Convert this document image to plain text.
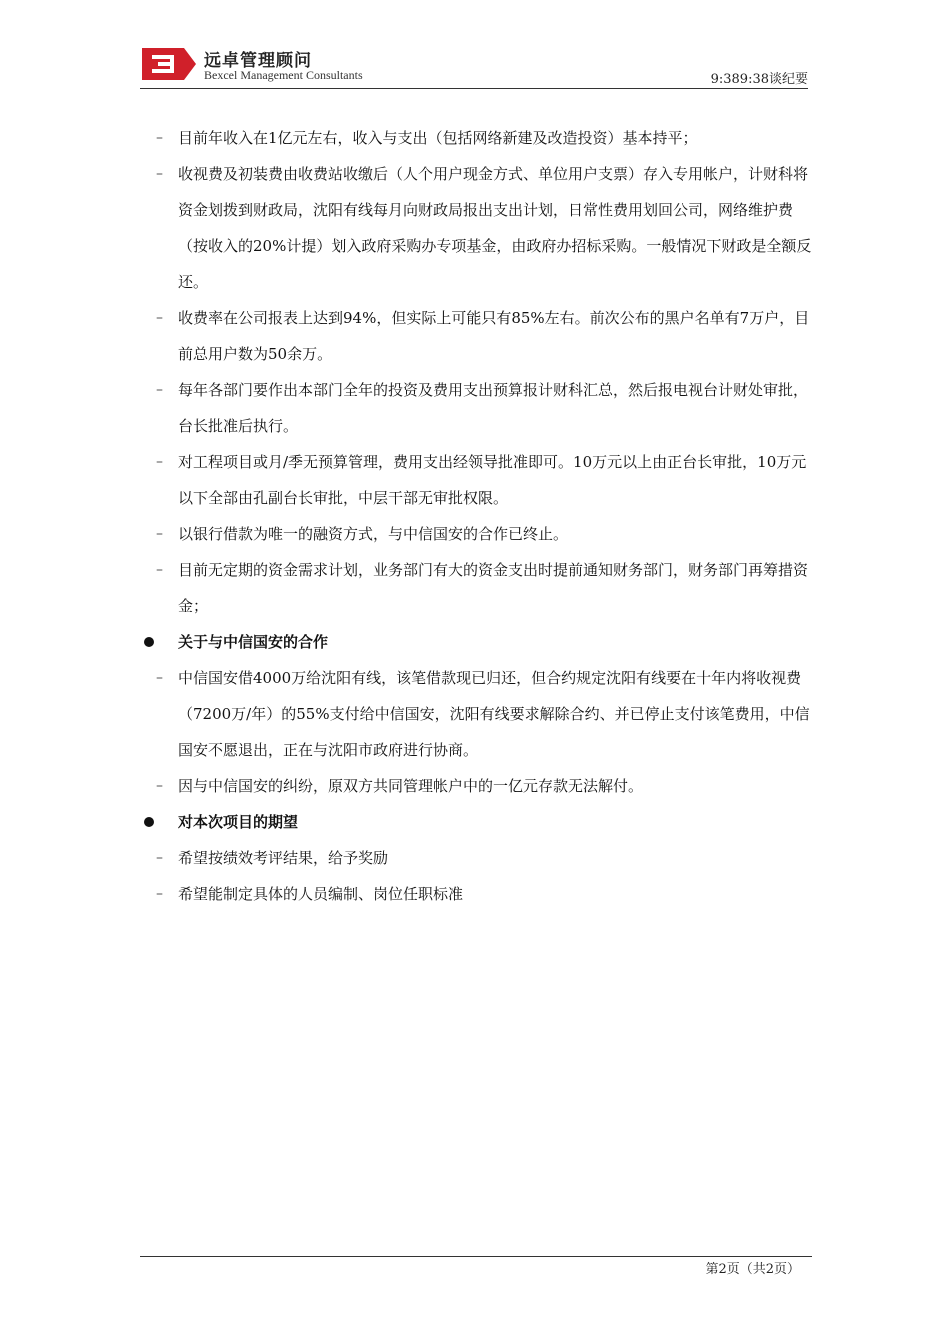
远卓管理顾问
Bexcel Management Consultants	9:389:38谈纪要
–	目前年收入在1亿元左右，收入与支出（包括网络新建及改造投资）基本持平；
–	收视费及初装费由收费站收缴后（人个用户现金方式、单位用户支票）存入专用帐户，计财科将资金划拨到财政局，沈阳有线每月向财政局报出支出计划，日常性费用划回公司，网络维护费（按收入的20%计提）划入政府采购办专项基金，由政府办招标采购。一般情况下财政是全额反还。
–	收费率在公司报表上达到94%，但实际上可能只有85%左右。前次公布的黑户名单有7万户，目前总用户数为50余万。
–	每年各部门要作出本部门全年的投资及费用支出预算报计财科汇总，然后报电视台计财处审批，台长批准后执行。
–	对工程项目或月/季无预算管理，费用支出经领导批准即可。10万元以上由正台长审批，10万元以下全部由孔副台长审批，中层干部无审批权限。
–	以银行借款为唯一的融资方式，与中信国安的合作已终止。
–	目前无定期的资金需求计划，业务部门有大的资金支出时提前通知财务部门，财务部门再筹措资金；
关于与中信国安的合作
–	中信国安借4000万给沈阳有线，该笔借款现已归还，但合约规定沈阳有线要在十年内将收视费（7200万/年）的55%支付给中信国安，沈阳有线要求解除合约、并已停止支付该笔费用，中信国安不愿退出，正在与沈阳市政府进行协商。
–	因与中信国安的纠纷，原双方共同管理帐户中的一亿元存款无法解付。
对本次项目的期望
–	希望按绩效考评结果，给予奖励
–	希望能制定具体的人员编制、岗位任职标准
第2页（共2页）
